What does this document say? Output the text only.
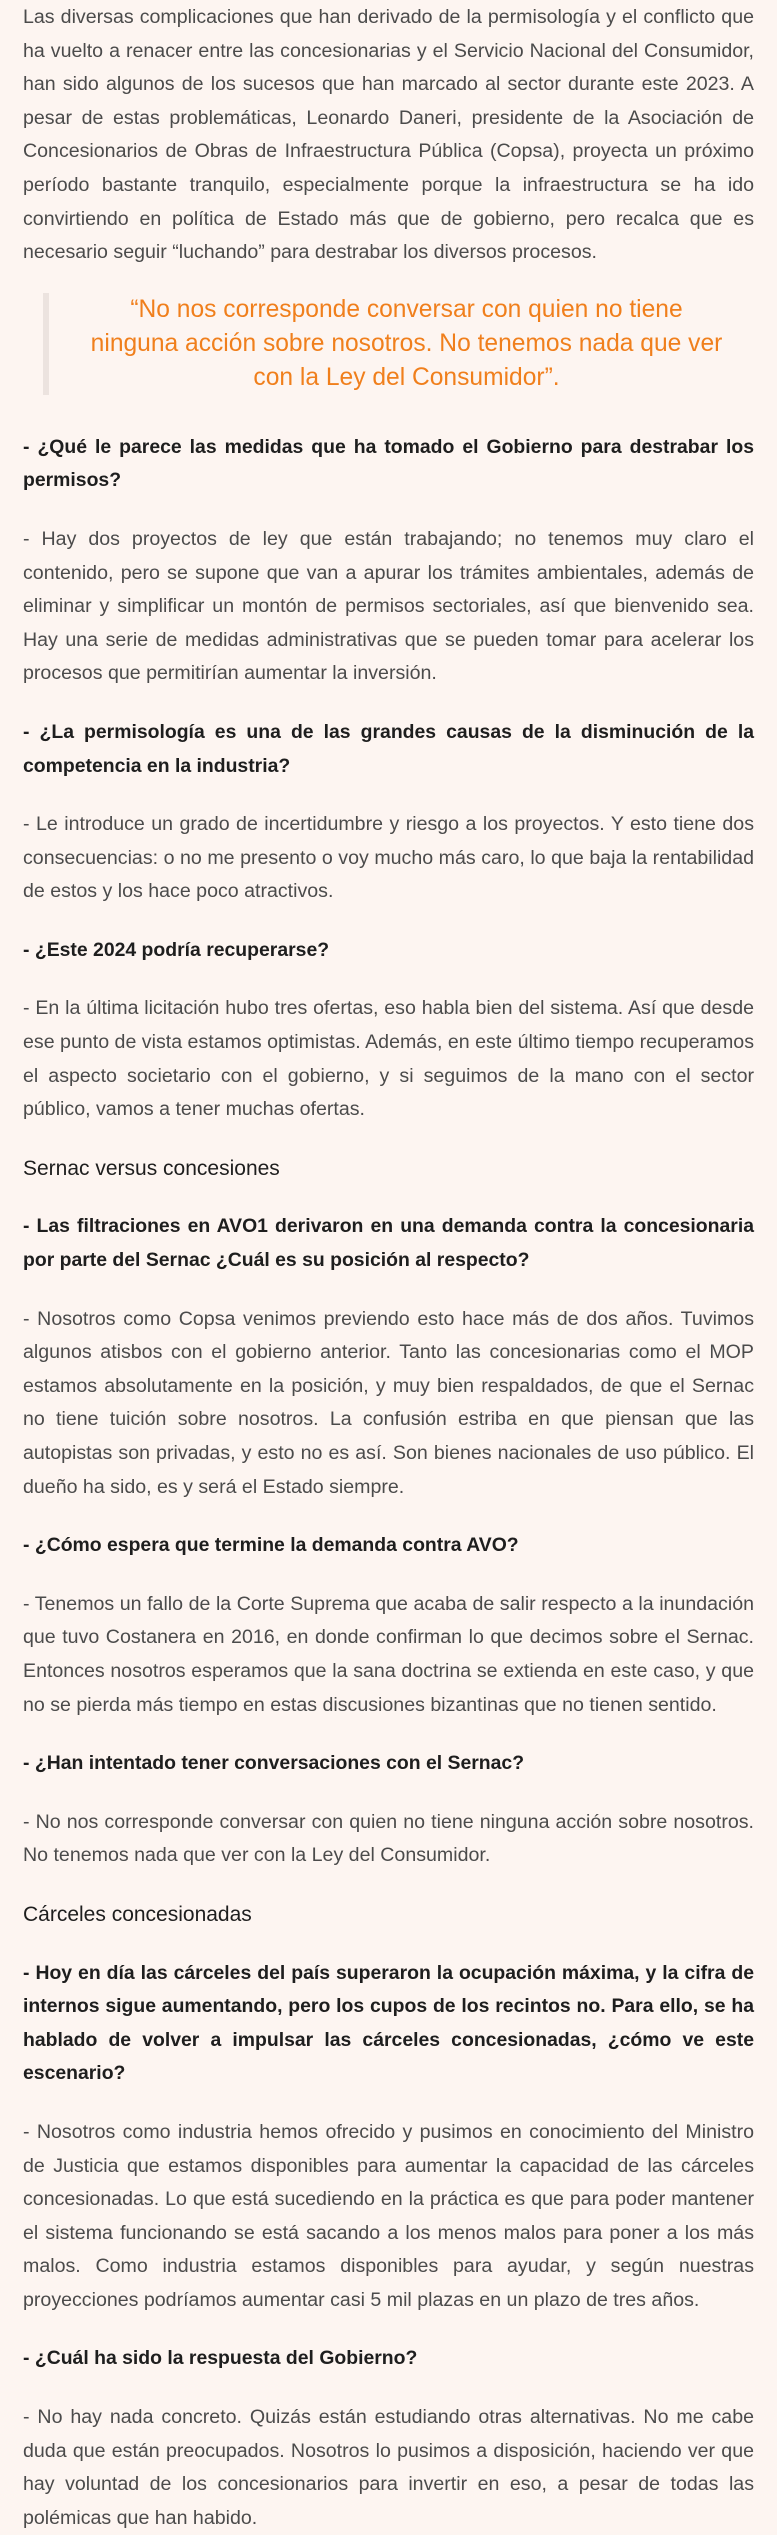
Las diversas complicaciones que han derivado de la permisología y el conflicto que ha vuelto a renacer entre las concesionarias y el Servicio Nacional del Consumidor, han sido algunos de los sucesos que han marcado al sector durante este 2023. A pesar de estas problemáticas, Leonardo Daneri, presidente de la Asociación de Concesionarios de Obras de Infraestructura Pública (Copsa), proyecta un próximo período bastante tranquilo, especialmente porque la infraestructura se ha ido convirtiendo en política de Estado más que de gobierno, pero recalca que es necesario seguir “luchando” para destrabar los diversos procesos.

“No nos corresponde conversar con quien no tiene ninguna acción sobre nosotros. No tenemos nada que ver con la Ley del Consumidor”.

- ¿Qué le parece las medidas que ha tomado el Gobierno para destrabar los permisos?

- Hay dos proyectos de ley que están trabajando; no tenemos muy claro el contenido, pero se supone que van a apurar los trámites ambientales, además de eliminar y simplificar un montón de permisos sectoriales, así que bienvenido sea. Hay una serie de medidas administrativas que se pueden tomar para acelerar los procesos que permitirían aumentar la inversión.

- ¿La permisología es una de las grandes causas de la disminución de la competencia en la industria?

- Le introduce un grado de incertidumbre y riesgo a los proyectos. Y esto tiene dos consecuencias: o no me presento o voy mucho más caro, lo que baja la rentabilidad de estos y los hace poco atractivos.

- ¿Este 2024 podría recuperarse?

- En la última licitación hubo tres ofertas, eso habla bien del sistema. Así que desde ese punto de vista estamos optimistas. Además, en este último tiempo recuperamos el aspecto societario con el gobierno, y si seguimos de la mano con el sector público, vamos a tener muchas ofertas.

Sernac versus concesiones

- Las filtraciones en AVO1 derivaron en una demanda contra la concesionaria por parte del Sernac ¿Cuál es su posición al respecto?

- Nosotros como Copsa venimos previendo esto hace más de dos años. Tuvimos algunos atisbos con el gobierno anterior. Tanto las concesionarias como el MOP estamos absolutamente en la posición, y muy bien respaldados, de que el Sernac no tiene tuición sobre nosotros. La confusión estriba en que piensan que las autopistas son privadas, y esto no es así. Son bienes nacionales de uso público. El dueño ha sido, es y será el Estado siempre.

- ¿Cómo espera que termine la demanda contra AVO?

- Tenemos un fallo de la Corte Suprema que acaba de salir respecto a la inundación que tuvo Costanera en 2016, en donde confirman lo que decimos sobre el Sernac. Entonces nosotros esperamos que la sana doctrina se extienda en este caso, y que no se pierda más tiempo en estas discusiones bizantinas que no tienen sentido.

- ¿Han intentado tener conversaciones con el Sernac?

- No nos corresponde conversar con quien no tiene ninguna acción sobre nosotros. No tenemos nada que ver con la Ley del Consumidor.

Cárceles concesionadas

- Hoy en día las cárceles del país superaron la ocupación máxima, y la cifra de internos sigue aumentando, pero los cupos de los recintos no. Para ello, se ha hablado de volver a impulsar las cárceles concesionadas, ¿cómo ve este escenario?

- Nosotros como industria hemos ofrecido y pusimos en conocimiento del Ministro de Justicia que estamos disponibles para aumentar la capacidad de las cárceles concesionadas. Lo que está sucediendo en la práctica es que para poder mantener el sistema funcionando se está sacando a los menos malos para poner a los más malos. Como industria estamos disponibles para ayudar, y según nuestras proyecciones podríamos aumentar casi 5 mil plazas en un plazo de tres años.

- ¿Cuál ha sido la respuesta del Gobierno?

- No hay nada concreto. Quizás están estudiando otras alternativas. No me cabe duda que están preocupados. Nosotros lo pusimos a disposición, haciendo ver que hay voluntad de los concesionarios para invertir en eso, a pesar de todas las polémicas que han habido.
